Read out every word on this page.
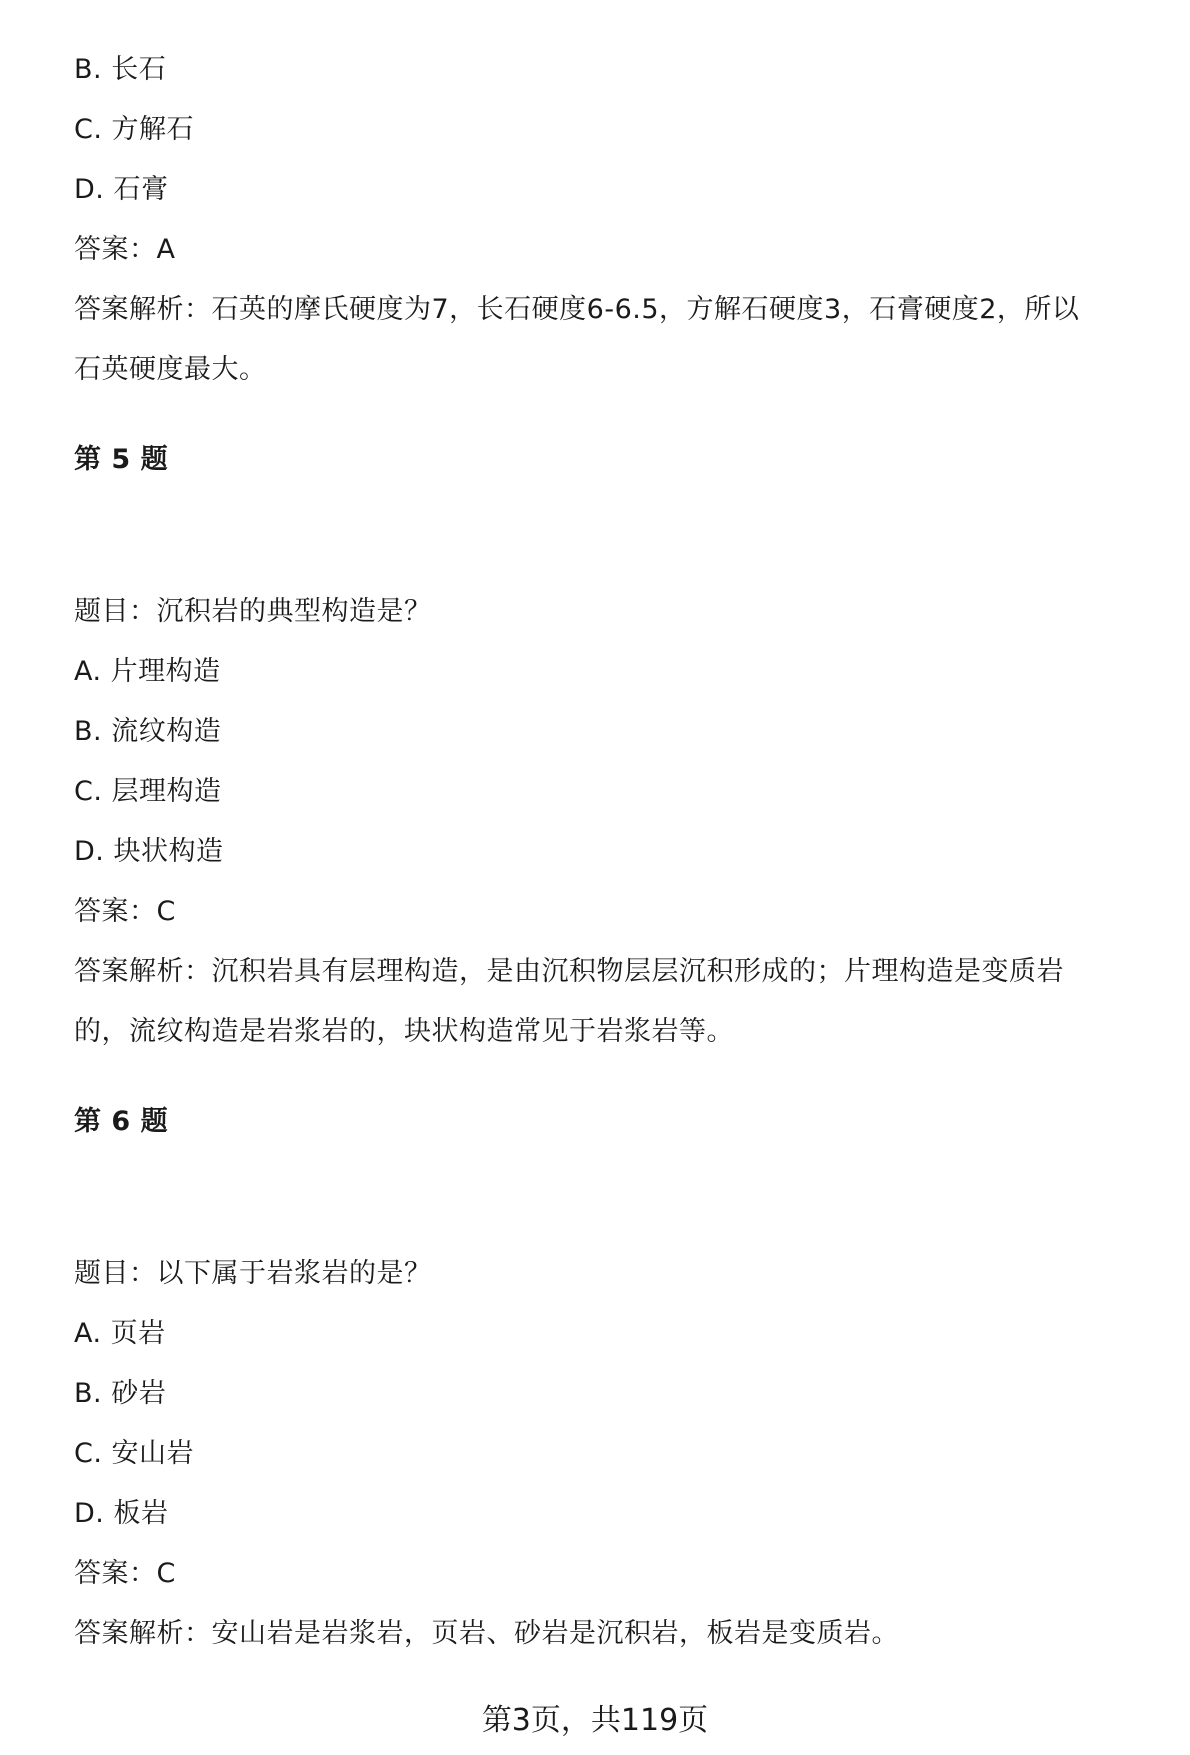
B. 长石
C. 方解石
D. 石膏
答案：A
答案解析：石英的摩氏硬度为7，长石硬度6-6.5，方解石硬度3，石膏硬度2，所以
石英硬度最大。
第 5 题
题目：沉积岩的典型构造是？
A. 片理构造
B. 流纹构造
C. 层理构造
D. 块状构造
答案：C
答案解析：沉积岩具有层理构造，是由沉积物层层沉积形成的；片理构造是变质岩
的，流纹构造是岩浆岩的，块状构造常见于岩浆岩等。
第 6 题
题目：以下属于岩浆岩的是？
A. 页岩
B. 砂岩
C. 安山岩
D. 板岩
答案：C
答案解析：安山岩是岩浆岩，页岩、砂岩是沉积岩，板岩是变质岩。
第3页，共119页
